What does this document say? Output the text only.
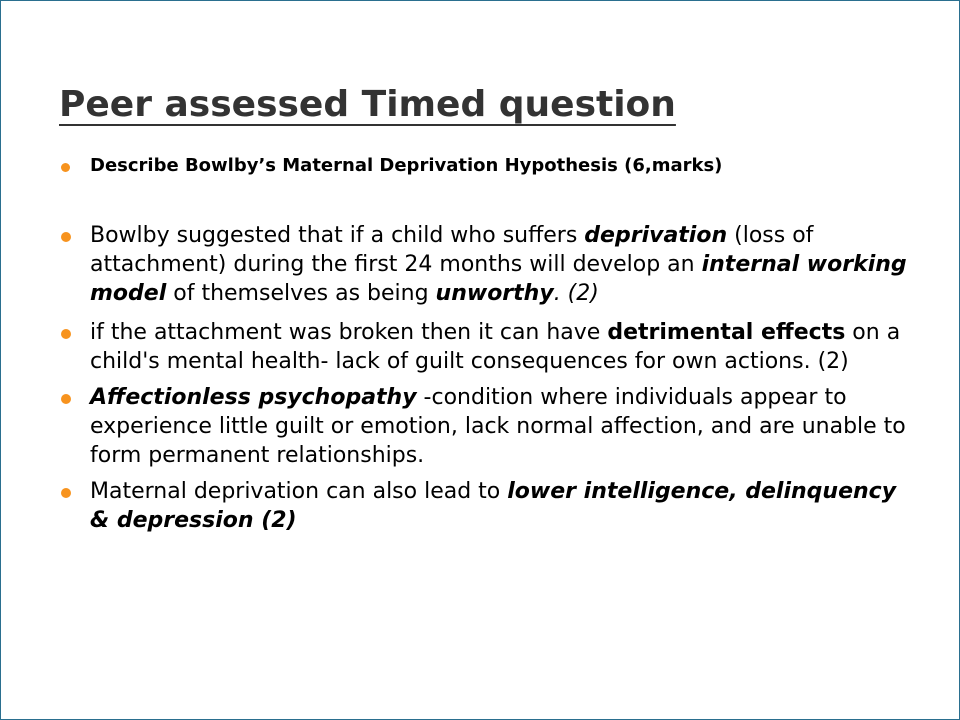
Peer assessed Timed question
Describe Bowlby’s Maternal Deprivation Hypothesis (6,marks)
Bowlby suggested that if a child who suffers deprivation (loss of attachment) during the first 24 months will develop an internal working model of themselves as being unworthy. (2)
if the attachment was broken then it can have detrimental effects on a child's mental health- lack of guilt consequences for own actions. (2)
Affectionless psychopathy -condition where individuals appear to experience little guilt or emotion, lack normal affection, and are unable to form permanent relationships.
Maternal deprivation can also lead to lower intelligence, delinquency & depression (2)
